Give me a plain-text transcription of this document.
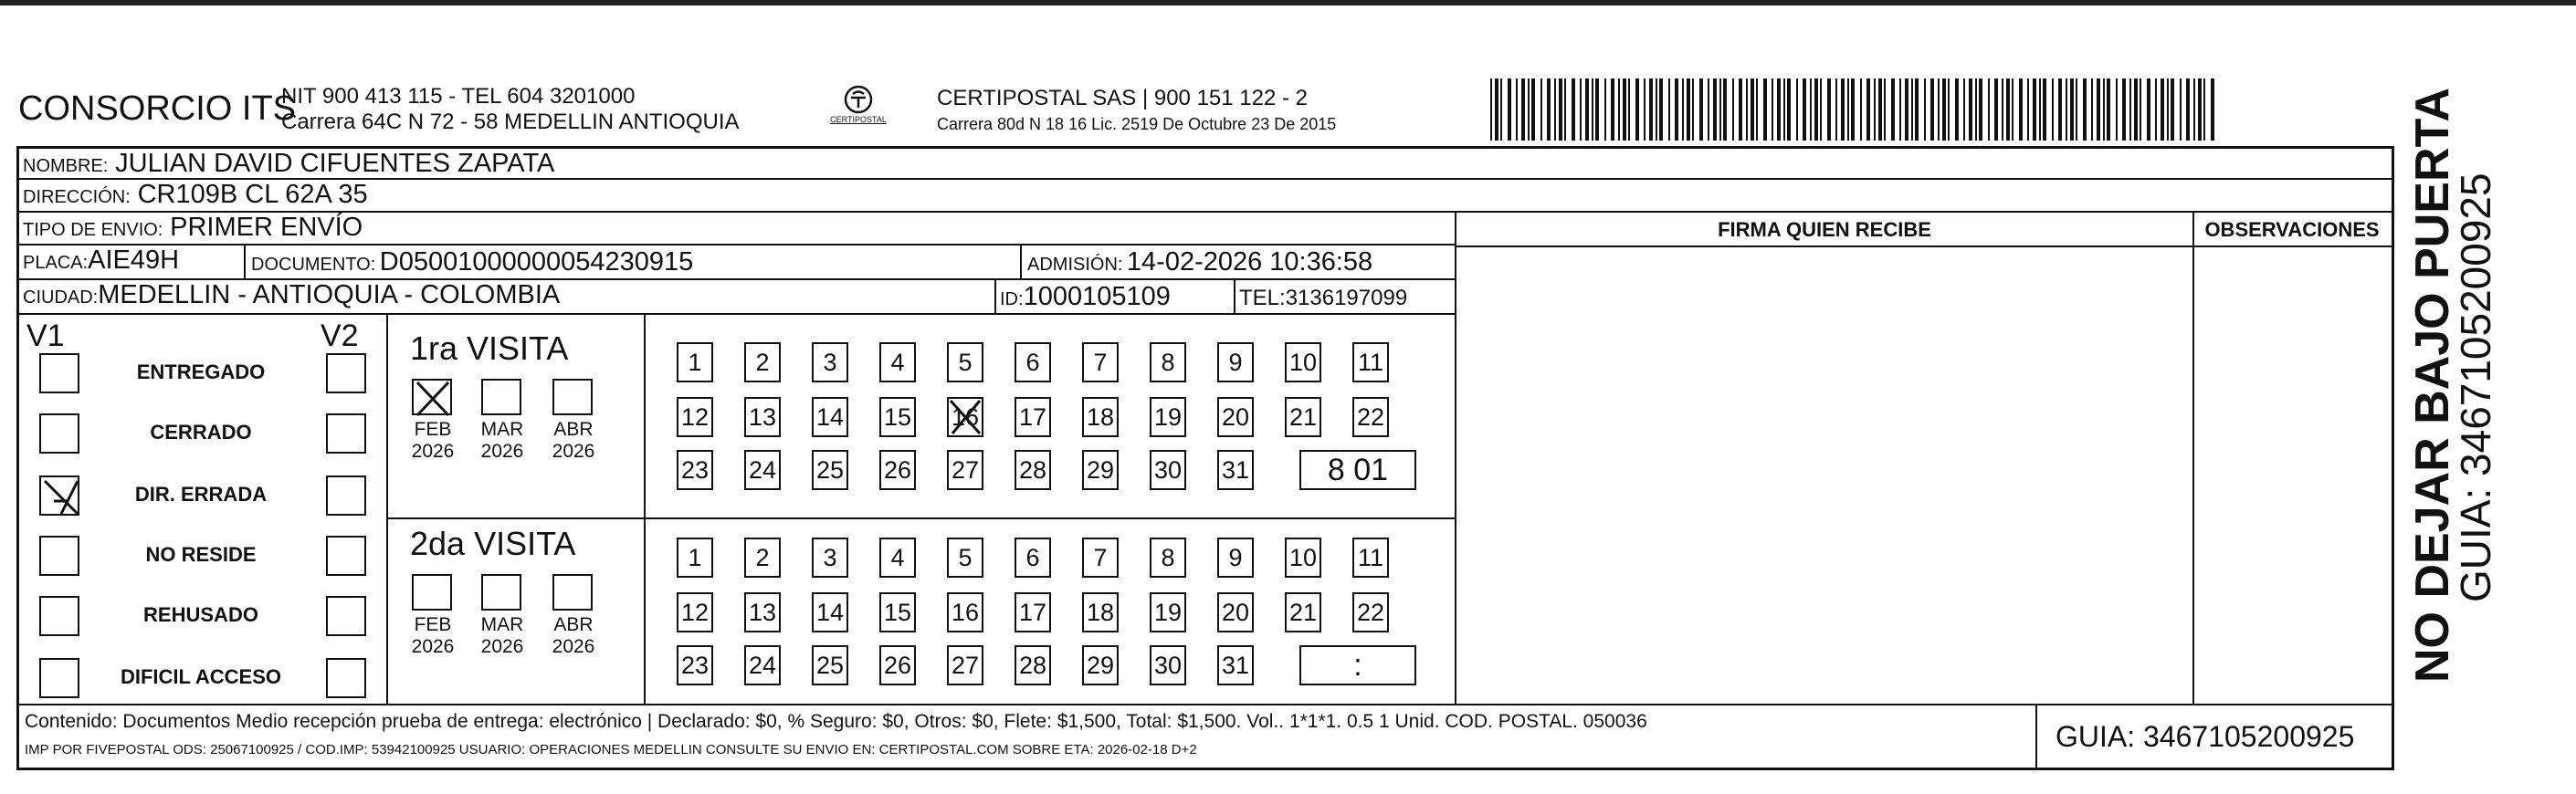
CONSORCIO ITS
NIT 900 413 115 - TEL 604 3201000
Carrera 64C N 72 - 58 MEDELLIN ANTIOQUIA	CERTIPOSTAL
CERTIPOSTAL SAS | 900 151 122 - 2
Carrera 80d N 18 16 Lic. 2519 De Octubre 23 De 2015
NOMBRE: JULIAN DAVID CIFUENTES ZAPATA
DIRECCIÓN: CR109B CL 62A 35
TIPO DE ENVIO: PRIMER ENVÍO
PLACA:AIE49H	DOCUMENTO: D05001000000054230915	ADMISIÓN: 14-02-2026 10:36:58
CIUDAD:MEDELLIN - ANTIOQUIA - COLOMBIA	ID:1000105109	TEL:3136197099
FIRMA QUIEN RECIBE	OBSERVACIONES
V1	V2
ENTREGADO
CERRADO
DIR. ERRADA
NO RESIDE
REHUSADO
DIFICIL ACCESO
1ra VISITA
2da VISITA
FEB
2026
MAR
2026
ABR
2026
1	2	3	4	5	6	7	8	9	10 11
12 13 14 15 16 17 18 19 20 21 22
23 24 25 26 27 28 29 30 31	8 01
FEB
2026
MAR
2026
ABR
2026
1	2	3	4	5	6	7	8	9	10 11
12 13 14 15 16 17 18 19 20 21 22
23 24 25 26 27 28 29 30 31	:
Contenido: Documentos Medio recepción prueba de entrega: electrónico | Declarado: $0, % Seguro: $0, Otros: $0, Flete: $1,500, Total: $1,500. Vol.. 1*1*1. 0.5 1 Unid. COD. POSTAL. 050036
IMP POR FIVEPOSTAL ODS: 25067100925 / COD.IMP: 53942100925 USUARIO: OPERACIONES MEDELLIN CONSULTE SU ENVIO EN: CERTIPOSTAL.COM SOBRE ETA: 2026-02-18 D+2	GUIA: 3467105200925
NO DEJAR BAJO PUERTA
GUIA: 3467105200925
